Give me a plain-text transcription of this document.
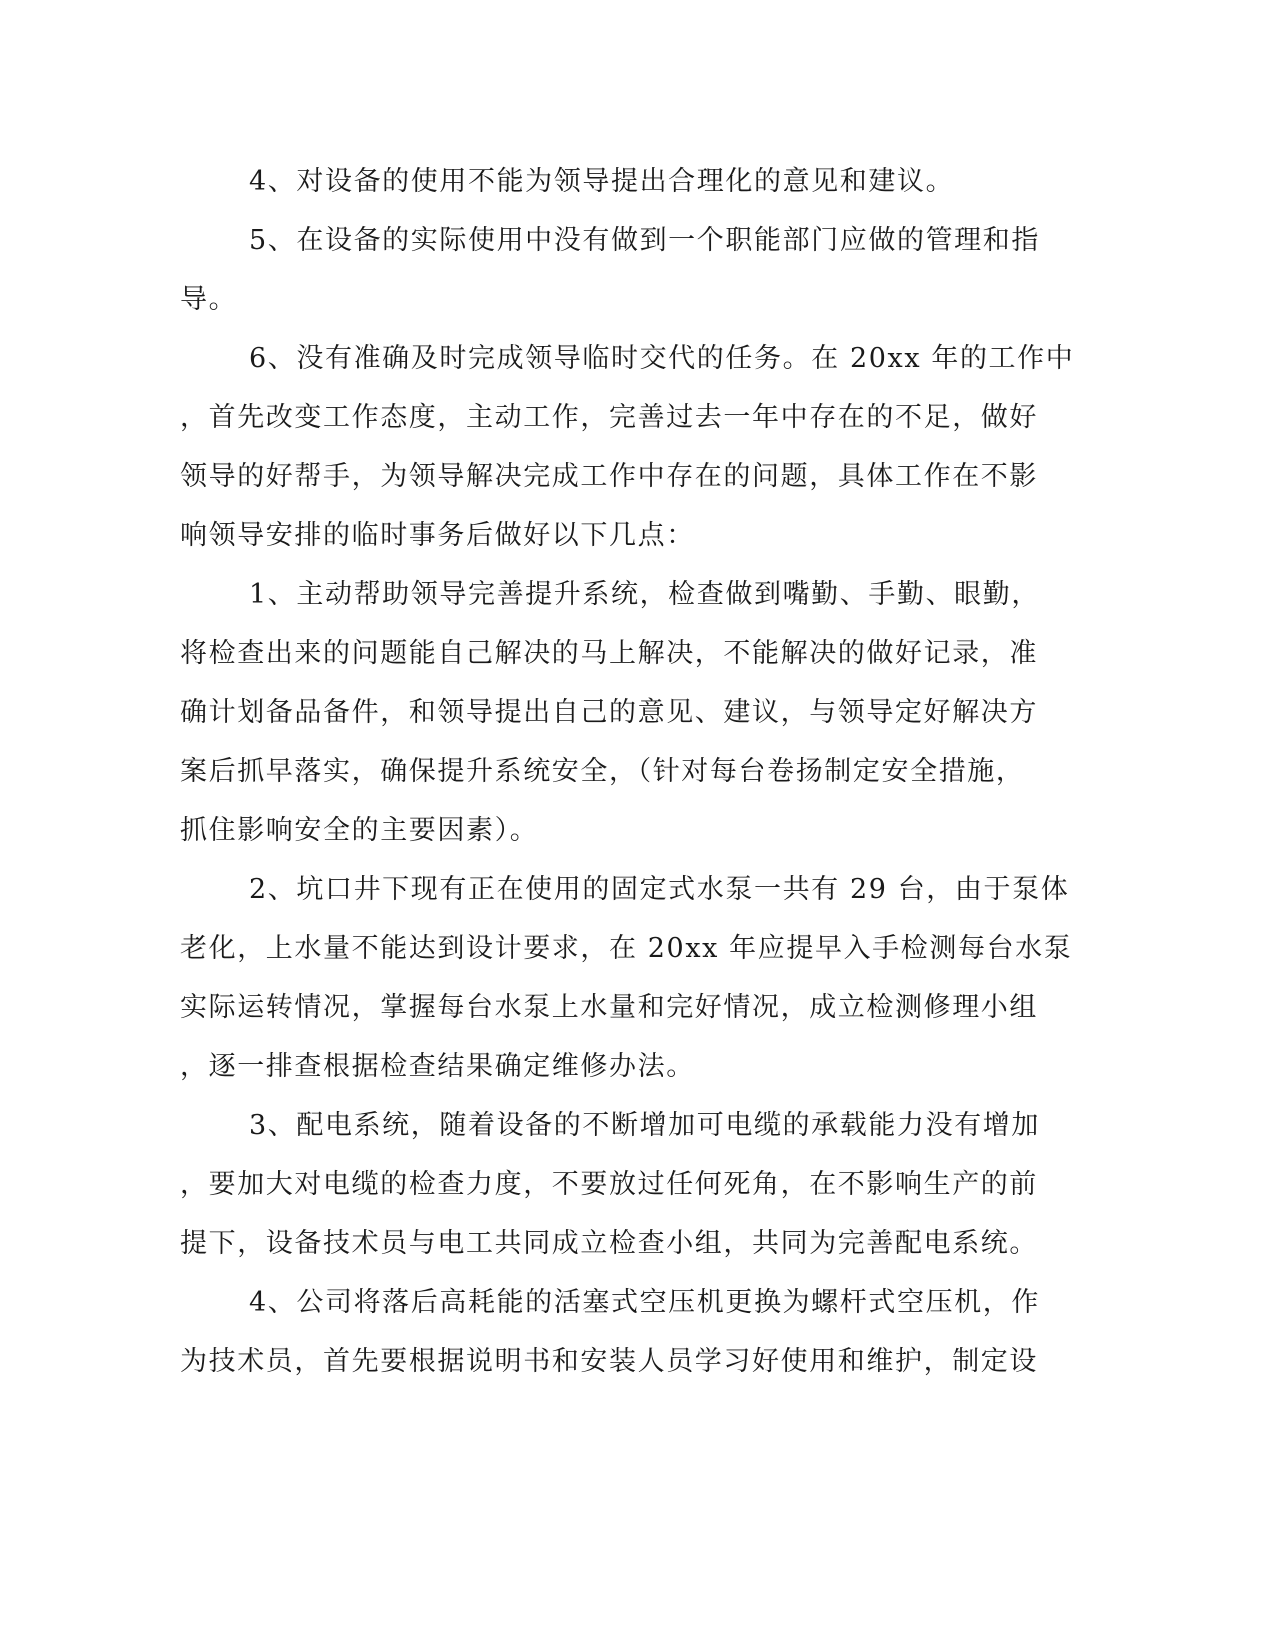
4、对设备的使用不能为领导提出合理化的意见和建议。
5、在设备的实际使用中没有做到一个职能部门应做的管理和指
导。
6、没有准确及时完成领导临时交代的任务。在 20xx 年的工作中
，首先改变工作态度，主动工作，完善过去一年中存在的不足，做好
领导的好帮手，为领导解决完成工作中存在的问题，具体工作在不影
响领导安排的临时事务后做好以下几点：
1、主动帮助领导完善提升系统，检查做到嘴勤、手勤、眼勤，
将检查出来的问题能自己解决的马上解决，不能解决的做好记录，准
确计划备品备件，和领导提出自己的意见、建议，与领导定好解决方
案后抓早落实，确保提升系统安全，（针对每台卷扬制定安全措施，
抓住影响安全的主要因素）。
2、坑口井下现有正在使用的固定式水泵一共有 29 台，由于泵体
老化，上水量不能达到设计要求，在 20xx 年应提早入手检测每台水泵
实际运转情况，掌握每台水泵上水量和完好情况，成立检测修理小组
，逐一排查根据检查结果确定维修办法。
3、配电系统，随着设备的不断增加可电缆的承载能力没有增加
，要加大对电缆的检查力度，不要放过任何死角，在不影响生产的前
提下，设备技术员与电工共同成立检查小组，共同为完善配电系统。
4、公司将落后高耗能的活塞式空压机更换为螺杆式空压机，作
为技术员，首先要根据说明书和安装人员学习好使用和维护，制定设
